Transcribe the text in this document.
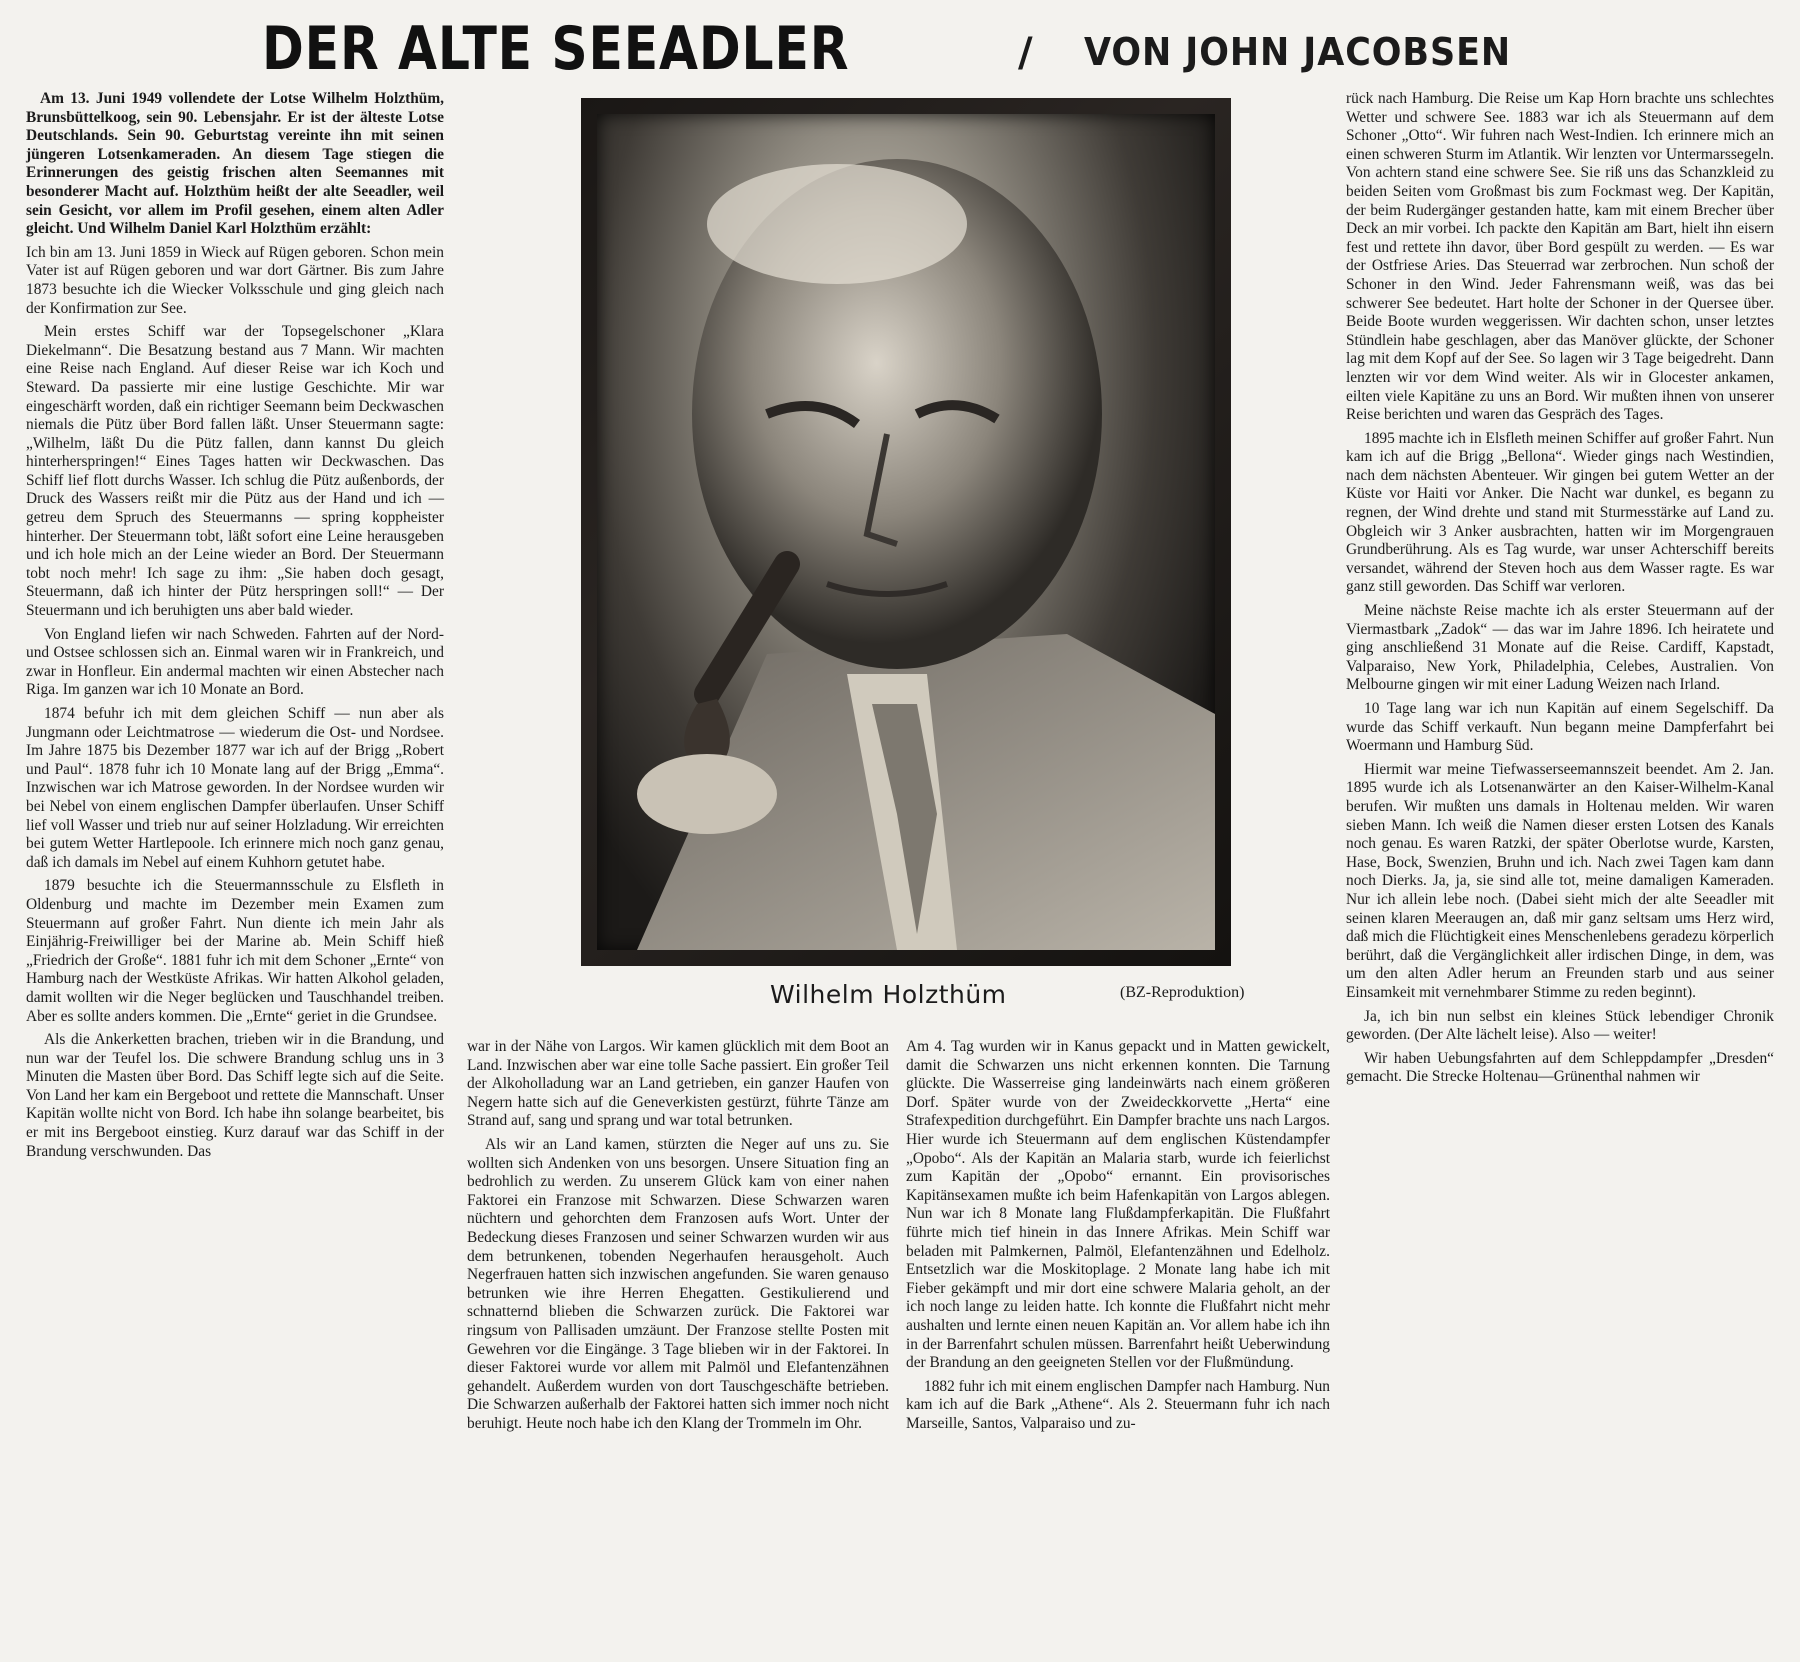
DER ALTE SEEADLER	/ VON JOHN JACOBSEN

Am 13. Juni 1949 vollendete der Lotse Wilhelm Holzthüm, Brunsbüttelkoog, sein 90. Lebensjahr. Er ist der älteste Lotse Deutschlands. Sein 90. Geburtstag vereinte ihn mit seinen jüngeren Lotsenkameraden. An diesem Tage stiegen die Erinnerungen des geistig frischen alten Seemannes mit besonderer Macht auf. Holzthüm heißt der alte Seeadler, weil sein Gesicht, vor allem im Profil gesehen, einem alten Adler gleicht. Und Wilhelm Daniel Karl Holzthüm erzählt:

Ich bin am 13. Juni 1859 in Wieck auf Rügen geboren. Schon mein Vater ist auf Rügen geboren und war dort Gärtner. Bis zum Jahre 1873 besuchte ich die Wiecker Volksschule und ging gleich nach der Konfirmation zur See.

Mein erstes Schiff war der Topsegelschoner „Klara Diekelmann“. Die Besatzung bestand aus 7 Mann. Wir machten eine Reise nach England. Auf dieser Reise war ich Koch und Steward. Da passierte mir eine lustige Geschichte. Mir war eingeschärft worden, daß ein richtiger Seemann beim Deckwaschen niemals die Pütz über Bord fallen läßt. Unser Steuermann sagte: „Wilhelm, läßt Du die Pütz fallen, dann kannst Du gleich hinterherspringen!“ Eines Tages hatten wir Deckwaschen. Das Schiff lief flott durchs Wasser. Ich schlug die Pütz außenbords, der Druck des Wassers reißt mir die Pütz aus der Hand und ich — getreu dem Spruch des Steuermanns — spring koppheister hinterher. Der Steuermann tobt, läßt sofort eine Leine herausgeben und ich hole mich an der Leine wieder an Bord. Der Steuermann tobt noch mehr! Ich sage zu ihm: „Sie haben doch gesagt, Steuermann, daß ich hinter der Pütz herspringen soll!“ — Der Steuermann und ich beruhigten uns aber bald wieder.

Von England liefen wir nach Schweden. Fahrten auf der Nord- und Ostsee schlossen sich an. Einmal waren wir in Frankreich, und zwar in Honfleur. Ein andermal machten wir einen Abstecher nach Riga. Im ganzen war ich 10 Monate an Bord.

1874 befuhr ich mit dem gleichen Schiff — nun aber als Jungmann oder Leichtmatrose — wiederum die Ost- und Nordsee. Im Jahre 1875 bis Dezember 1877 war ich auf der Brigg „Robert und Paul“. 1878 fuhr ich 10 Monate lang auf der Brigg „Emma“. Inzwischen war ich Matrose geworden. In der Nordsee wurden wir bei Nebel von einem englischen Dampfer überlaufen. Unser Schiff lief voll Wasser und trieb nur auf seiner Holzladung. Wir erreichten bei gutem Wetter Hartlepoole. Ich erinnere mich noch ganz genau, daß ich damals im Nebel auf einem Kuhhorn getutet habe.

1879 besuchte ich die Steuermannsschule zu Elsfleth in Oldenburg und machte im Dezember mein Examen zum Steuermann auf großer Fahrt. Nun diente ich mein Jahr als Einjährig-Freiwilliger bei der Marine ab. Mein Schiff hieß „Friedrich der Große“. 1881 fuhr ich mit dem Schoner „Ernte“ von Hamburg nach der Westküste Afrikas. Wir hatten Alkohol geladen, damit wollten wir die Neger beglücken und Tauschhandel treiben. Aber es sollte anders kommen. Die „Ernte“ geriet in die Grundsee.

Als die Ankerketten brachen, trieben wir in die Brandung, und nun war der Teufel los. Die schwere Brandung schlug uns in 3 Minuten die Masten über Bord. Das Schiff legte sich auf die Seite. Von Land her kam ein Bergeboot und rettete die Mannschaft. Unser Kapitän wollte nicht von Bord. Ich habe ihn solange bearbeitet, bis er mit ins Bergeboot einstieg. Kurz darauf war das Schiff in der Brandung verschwunden. Das

Wilhelm Holzthüm	(BZ-Reproduktion)

war in der Nähe von Largos. Wir kamen glücklich mit dem Boot an Land. Inzwischen aber war eine tolle Sache passiert. Ein großer Teil der Alkoholladung war an Land getrieben, ein ganzer Haufen von Negern hatte sich auf die Geneverkisten gestürzt, führte Tänze am Strand auf, sang und sprang und war total betrunken.

Als wir an Land kamen, stürzten die Neger auf uns zu. Sie wollten sich Andenken von uns besorgen. Unsere Situation fing an bedrohlich zu werden. Zu unserem Glück kam von einer nahen Faktorei ein Franzose mit Schwarzen. Diese Schwarzen waren nüchtern und gehorchten dem Franzosen aufs Wort. Unter der Bedeckung dieses Franzosen und seiner Schwarzen wurden wir aus dem betrunkenen, tobenden Negerhaufen herausgeholt. Auch Negerfrauen hatten sich inzwischen angefunden. Sie waren genauso betrunken wie ihre Herren Ehegatten. Gestikulierend und schnatternd blieben die Schwarzen zurück. Die Faktorei war ringsum von Pallisaden umzäunt. Der Franzose stellte Posten mit Gewehren vor die Eingänge. 3 Tage blieben wir in der Faktorei. In dieser Faktorei wurde vor allem mit Palmöl und Elefantenzähnen gehandelt. Außerdem wurden von dort Tauschgeschäfte betrieben. Die Schwarzen außerhalb der Faktorei hatten sich immer noch nicht beruhigt. Heute noch habe ich den Klang der Trommeln im Ohr.

Am 4. Tag wurden wir in Kanus gepackt und in Matten gewickelt, damit die Schwarzen uns nicht erkennen konnten. Die Tarnung glückte. Die Wasserreise ging landeinwärts nach einem größeren Dorf. Später wurde von der Zweideckkorvette „Herta“ eine Strafexpedition durchgeführt. Ein Dampfer brachte uns nach Largos. Hier wurde ich Steuermann auf dem englischen Küstendampfer „Opobo“. Als der Kapitän an Malaria starb, wurde ich feierlichst zum Kapitän der „Opobo“ ernannt. Ein provisorisches Kapitänsexamen mußte ich beim Hafenkapitän von Largos ablegen. Nun war ich 8 Monate lang Flußdampferkapitän. Die Flußfahrt führte mich tief hinein in das Innere Afrikas. Mein Schiff war beladen mit Palmkernen, Palmöl, Elefantenzähnen und Edelholz. Entsetzlich war die Moskitoplage. 2 Monate lang habe ich mit Fieber gekämpft und mir dort eine schwere Malaria geholt, an der ich noch lange zu leiden hatte. Ich konnte die Flußfahrt nicht mehr aushalten und lernte einen neuen Kapitän an. Vor allem habe ich ihn in der Barrenfahrt schulen müssen. Barrenfahrt heißt Ueberwindung der Brandung an den geeigneten Stellen vor der Flußmündung.

1882 fuhr ich mit einem englischen Dampfer nach Hamburg. Nun kam ich auf die Bark „Athene“. Als 2. Steuermann fuhr ich nach Marseille, Santos, Valparaiso und zu-

rück nach Hamburg. Die Reise um Kap Horn brachte uns schlechtes Wetter und schwere See. 1883 war ich als Steuermann auf dem Schoner „Otto“. Wir fuhren nach West-Indien. Ich erinnere mich an einen schweren Sturm im Atlantik. Wir lenzten vor Untermarssegeln. Von achtern stand eine schwere See. Sie riß uns das Schanzkleid zu beiden Seiten vom Großmast bis zum Fockmast weg. Der Kapitän, der beim Rudergänger gestanden hatte, kam mit einem Brecher über Deck an mir vorbei. Ich packte den Kapitän am Bart, hielt ihn eisern fest und rettete ihn davor, über Bord gespült zu werden. — Es war der Ostfriese Aries. Das Steuerrad war zerbrochen. Nun schoß der Schoner in den Wind. Jeder Fahrensmann weiß, was das bei schwerer See bedeutet. Hart holte der Schoner in der Quersee über. Beide Boote wurden weggerissen. Wir dachten schon, unser letztes Stündlein habe geschlagen, aber das Manöver glückte, der Schoner lag mit dem Kopf auf der See. So lagen wir 3 Tage beigedreht. Dann lenzten wir vor dem Wind weiter. Als wir in Glocester ankamen, eilten viele Kapitäne zu uns an Bord. Wir mußten ihnen von unserer Reise berichten und waren das Gespräch des Tages.

1895 machte ich in Elsfleth meinen Schiffer auf großer Fahrt. Nun kam ich auf die Brigg „Bellona“. Wieder gings nach Westindien, nach dem nächsten Abenteuer. Wir gingen bei gutem Wetter an der Küste vor Haiti vor Anker. Die Nacht war dunkel, es begann zu regnen, der Wind drehte und stand mit Sturmesstärke auf Land zu. Obgleich wir 3 Anker ausbrachten, hatten wir im Morgengrauen Grundberührung. Als es Tag wurde, war unser Achterschiff bereits versandet, während der Steven hoch aus dem Wasser ragte. Es war ganz still geworden. Das Schiff war verloren.

Meine nächste Reise machte ich als erster Steuermann auf der Viermastbark „Zadok“ — das war im Jahre 1896. Ich heiratete und ging anschließend 31 Monate auf die Reise. Cardiff, Kapstadt, Valparaiso, New York, Philadelphia, Celebes, Australien. Von Melbourne gingen wir mit einer Ladung Weizen nach Irland.

10 Tage lang war ich nun Kapitän auf einem Segelschiff. Da wurde das Schiff verkauft. Nun begann meine Dampferfahrt bei Woermann und Hamburg Süd.

Hiermit war meine Tiefwasserseemannszeit beendet. Am 2. Jan. 1895 wurde ich als Lotsenanwärter an den Kaiser-Wilhelm-Kanal berufen. Wir mußten uns damals in Holtenau melden. Wir waren sieben Mann. Ich weiß die Namen dieser ersten Lotsen des Kanals noch genau. Es waren Ratzki, der später Oberlotse wurde, Karsten, Hase, Bock, Swenzien, Bruhn und ich. Nach zwei Tagen kam dann noch Dierks. Ja, ja, sie sind alle tot, meine damaligen Kameraden. Nur ich allein lebe noch. (Dabei sieht mich der alte Seeadler mit seinen klaren Meeraugen an, daß mir ganz seltsam ums Herz wird, daß mich die Flüchtigkeit eines Menschenlebens geradezu körperlich berührt, daß die Vergänglichkeit aller irdischen Dinge, in dem, was um den alten Adler herum an Freunden starb und aus seiner Einsamkeit mit vernehmbarer Stimme zu reden beginnt).

Ja, ich bin nun selbst ein kleines Stück lebendiger Chronik geworden. (Der Alte lächelt leise). Also — weiter!

Wir haben Uebungsfahrten auf dem Schleppdampfer „Dresden“ gemacht. Die Strecke Holtenau—Grünenthal nahmen wir
